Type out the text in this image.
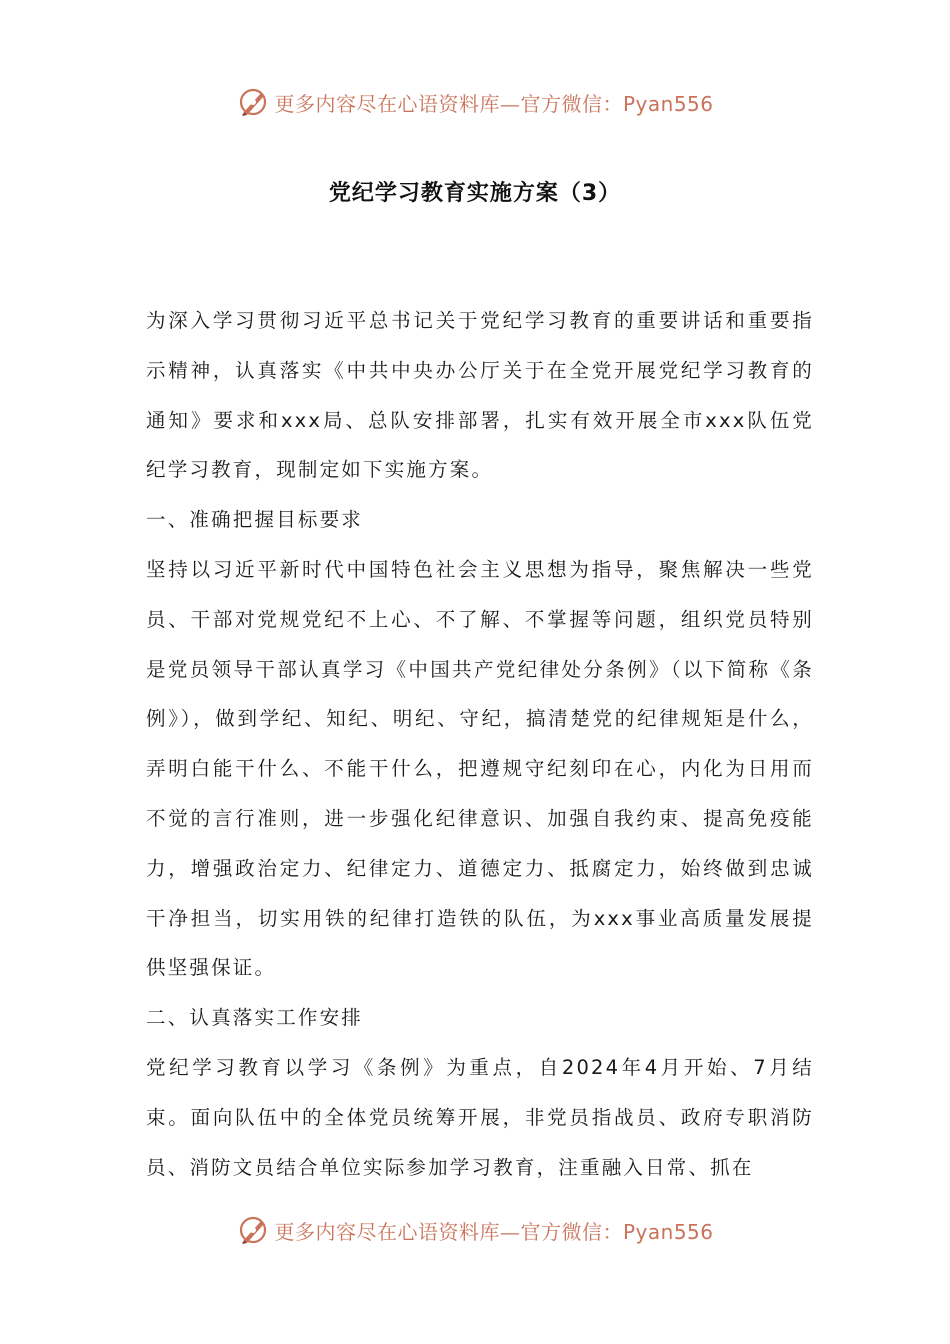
更多内容尽在心语资料库—官方微信：Pyan556
党纪学习教育实施方案（3）

为深入学习贯彻习近平总书记关于党纪学习教育的重要讲话和重要指示精神，认真落实《中共中央办公厅关于在全党开展党纪学习教育的通知》要求和xxx局、总队安排部署，扎实有效开展全市xxx队伍党纪学习教育，现制定如下实施方案。

一、准确把握目标要求

坚持以习近平新时代中国特色社会主义思想为指导，聚焦解决一些党员、干部对党规党纪不上心、不了解、不掌握等问题，组织党员特别是党员领导干部认真学习《中国共产党纪律处分条例》（以下简称《条例》），做到学纪、知纪、明纪、守纪，搞清楚党的纪律规矩是什么，弄明白能干什么、不能干什么，把遵规守纪刻印在心，内化为日用而不觉的言行准则，进一步强化纪律意识、加强自我约束、提高免疫能力，增强政治定力、纪律定力、道德定力、抵腐定力，始终做到忠诚干净担当，切实用铁的纪律打造铁的队伍，为xxx事业高质量发展提供坚强保证。

二、认真落实工作安排

党纪学习教育以学习《条例》为重点，自2024年4月开始、7月结束。面向队伍中的全体党员统筹开展，非党员指战员、政府专职消防员、消防文员结合单位实际参加学习教育，注重融入日常、抓在

更多内容尽在心语资料库—官方微信：Pyan556
